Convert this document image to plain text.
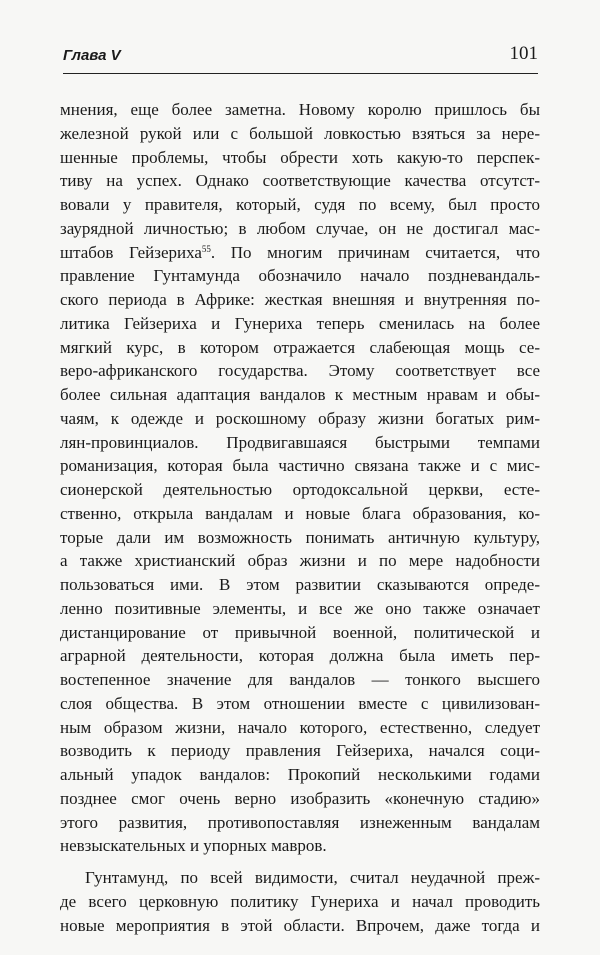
Глава V	101
мнения, еще более заметна. Новому королю пришлось бы
железной рукой или с большой ловкостью взяться за нере-
шенные проблемы, чтобы обрести хоть какую-то перспек-
тиву на успех. Однако соответствующие качества отсутст-
вовали у правителя, который, судя по всему, был просто
заурядной личностью; в любом случае, он не достигал мас-
штабов Гейзериха$^{55}$. По многим причинам считается, что
правление Гунтамунда обозначило начало поздневандаль-
ского периода в Африке: жесткая внешняя и внутренняя по-
литика Гейзериха и Гунериха теперь сменилась на более
мягкий курс, в котором отражается слабеющая мощь се-
веро-африканского государства. Этому соответствует все
более сильная адаптация вандалов к местным нравам и обы-
чаям, к одежде и роскошному образу жизни богатых рим-
лян-провинциалов. Продвигавшаяся быстрыми темпами
романизация, которая была частично связана также и с мис-
сионерской деятельностью ортодоксальной церкви, есте-
ственно, открыла вандалам и новые блага образования, ко-
торые дали им возможность понимать античную культуру,
а также христианский образ жизни и по мере надобности
пользоваться ими. В этом развитии сказываются опреде-
ленно позитивные элементы, и все же оно также означает
дистанцирование от привычной военной, политической и
аграрной деятельности, которая должна была иметь пер-
востепенное значение для вандалов — тонкого высшего
слоя общества. В этом отношении вместе с цивилизован-
ным образом жизни, начало которого, естественно, следует
возводить к периоду правления Гейзериха, начался соци-
альный упадок вандалов: Прокопий несколькими годами
позднее смог очень верно изобразить «конечную стадию»
этого развития, противопоставляя изнеженным вандалам
невзыскательных и упорных мавров.
Гунтамунд, по всей видимости, считал неудачной преж-
де всего церковную политику Гунериха и начал проводить
новые мероприятия в этой области. Впрочем, даже тогда и
